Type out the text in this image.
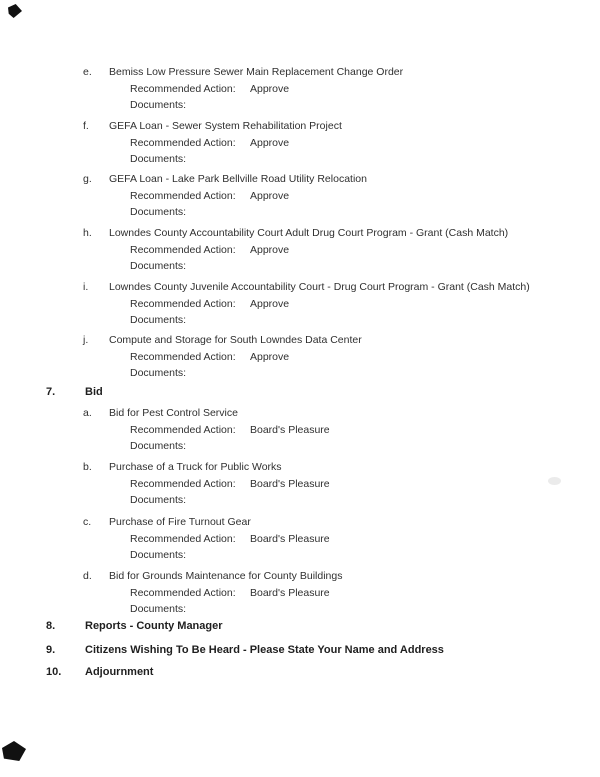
e. Bemiss Low Pressure Sewer Main Replacement Change Order
Recommended Action: Approve
Documents:
f. GEFA Loan - Sewer System Rehabilitation Project
Recommended Action: Approve
Documents:
g. GEFA Loan - Lake Park Bellville Road Utility Relocation
Recommended Action: Approve
Documents:
h. Lowndes County Accountability Court Adult Drug Court Program - Grant (Cash Match)
Recommended Action: Approve
Documents:
i. Lowndes County Juvenile Accountability Court - Drug Court Program - Grant (Cash Match)
Recommended Action: Approve
Documents:
j. Compute and Storage for South Lowndes Data Center
Recommended Action: Approve
Documents:
7.	Bid
a. Bid for Pest Control Service
Recommended Action: Board's Pleasure
Documents:
b. Purchase of a Truck for Public Works
Recommended Action: Board's Pleasure
Documents:
c. Purchase of Fire Turnout Gear
Recommended Action: Board's Pleasure
Documents:
d. Bid for Grounds Maintenance for County Buildings
Recommended Action: Board's Pleasure
Documents:
8.	Reports - County Manager
9.	Citizens Wishing To Be Heard - Please State Your Name and Address
10. Adjournment
